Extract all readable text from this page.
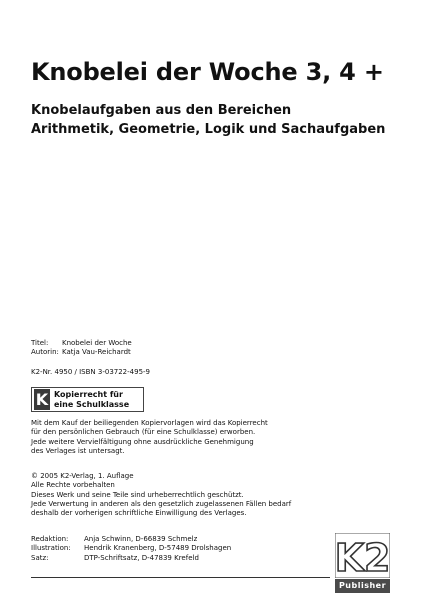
Knobelei der Woche 3, 4 +
Knobelaufgaben aus den Bereichen
Arithmetik, Geometrie, Logik und Sachaufgaben
Titel:	Knobelei der Woche
Autorin: Katja Vau-Reichardt
K2-Nr. 4950 / ISBN 3-03722-495-9
K Kopierrecht für
eine Schulklasse
Mit dem Kauf der beiliegenden Kopiervorlagen wird das Kopierrecht
für den persönlichen Gebrauch (für eine Schulklasse) erworben.
Jede weitere Vervielfältigung ohne ausdrückliche Genehmigung
des Verlages ist untersagt.
© 2005 K2-Verlag, 1. Auflage
Alle Rechte vorbehalten
Dieses Werk und seine Teile sind urheberrechtlich geschützt.
Jede Verwertung in anderen als den gesetzlich zugelassenen Fällen bedarf
deshalb der vorherigen schriftliche Einwilligung des Verlages.
Redaktion:	Anja Schwinn, D-66839 Schmelz
Illustration:	Hendrik Kranenberg, D-57489 Drolshagen
Satz:	DTP-Schriftsatz, D-47839 Krefeld	K2
Publisher
